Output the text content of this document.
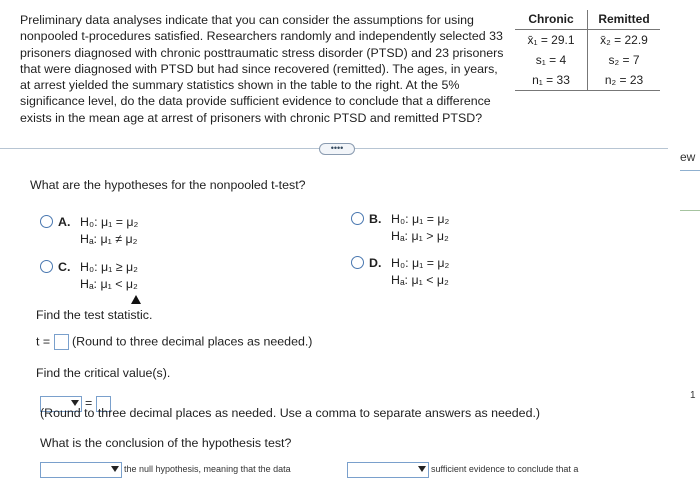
Preliminary data analyses indicate that you can consider the assumptions for using
nonpooled t-procedures satisfied. Researchers randomly and independently selected 33
prisoners diagnosed with chronic posttraumatic stress disorder (PTSD) and 23 prisoners
that were diagnosed with PTSD but had since recovered (remitted). The ages, in years,
at arrest yielded the summary statistics shown in the table to the right. At the 5%
significance level, do the data provide sufficient evidence to conclude that a difference
exists in the mean age at arrest of prisoners with chronic PTSD and remitted PTSD?
Chronic	Remitted
x̄₁ = 29.1	x̄₂ = 22.9
s₁ = 4	s₂ = 7
n₁ = 33	n₂ = 23
••••
ew
1
What are the hypotheses for the nonpooled t-test?
A. H₀: μ₁ = μ₂
Hₐ: μ₁ ≠ μ₂
B. H₀: μ₁ = μ₂
Hₐ: μ₁ > μ₂
C. H₀: μ₁ ≥ μ₂
Hₐ: μ₁ < μ₂
D. H₀: μ₁ = μ₂
Hₐ: μ₁ < μ₂
Find the test statistic.
t = (Round to three decimal places as needed.)
Find the critical value(s).
=
(Round to three decimal places as needed. Use a comma to separate answers as needed.)
What is the conclusion of the hypothesis test?
the null hypothesis, meaning that the data	sufficient evidence to conclude that a
